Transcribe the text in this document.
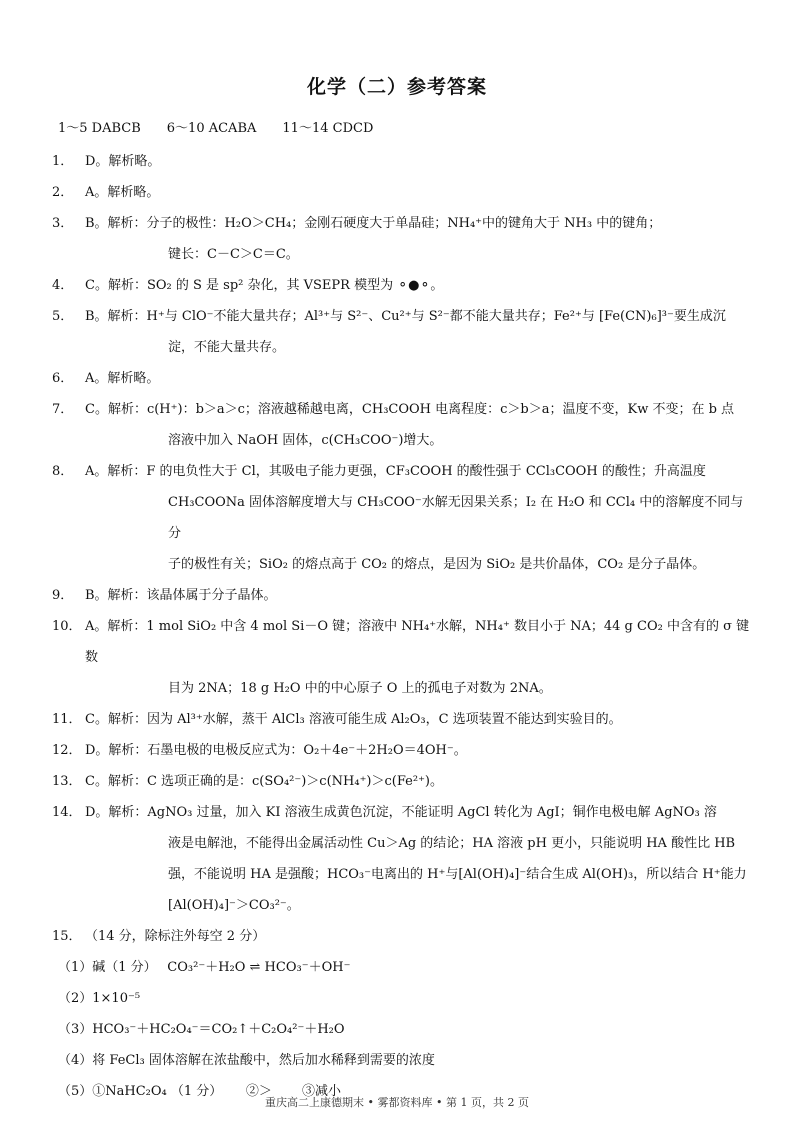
化学（二）参考答案
1～5 DABCB 6～10 ACABA 11～14 CDCD
1． D。解析略。
2． A。解析略。
3． B。解析：分子的极性：H₂O＞CH₄；金刚石硬度大于单晶硅；NH₄⁺中的键角大于 NH₃ 中的键角；
键长：C－C＞C＝C。
4． C。解析：SO₂ 的 S 是 sp² 杂化，其 VSEPR 模型为 ⚬●⚬。
5． B。解析：H⁺与 ClO⁻不能大量共存；Al³⁺与 S²⁻、Cu²⁺与 S²⁻都不能大量共存；Fe²⁺与 [Fe(CN)₆]³⁻要生成沉
淀，不能大量共存。
6． A。解析略。
7． C。解析：c(H⁺)：b＞a＞c；溶液越稀越电离，CH₃COOH 电离程度：c＞b＞a；温度不变，Kw 不变；在 b 点
溶液中加入 NaOH 固体，c(CH₃COO⁻)增大。
8． A。解析：F 的电负性大于 Cl，其吸电子能力更强，CF₃COOH 的酸性强于 CCl₃COOH 的酸性；升高温度
CH₃COONa 固体溶解度增大与 CH₃COO⁻水解无因果关系；I₂ 在 H₂O 和 CCl₄ 中的溶解度不同与分
子的极性有关；SiO₂ 的熔点高于 CO₂ 的熔点，是因为 SiO₂ 是共价晶体，CO₂ 是分子晶体。
9． B。解析：该晶体属于分子晶体。
10． A。解析：1 mol SiO₂ 中含 4 mol Si－O 键；溶液中 NH₄⁺水解，NH₄⁺ 数目小于 NA；44 g CO₂ 中含有的 σ 键数
目为 2NA；18 g H₂O 中的中心原子 O 上的孤电子对数为 2NA。
11． C。解析：因为 Al³⁺水解，蒸干 AlCl₃ 溶液可能生成 Al₂O₃，C 选项装置不能达到实验目的。
12． D。解析：石墨电极的电极反应式为：O₂＋4e⁻＋2H₂O＝4OH⁻。
13． C。解析：C 选项正确的是：c(SO₄²⁻)＞c(NH₄⁺)＞c(Fe²⁺)。
14． D。解析：AgNO₃ 过量，加入 KI 溶液生成黄色沉淀，不能证明 AgCl 转化为 AgI；铜作电极电解 AgNO₃ 溶
液是电解池，不能得出金属活动性 Cu＞Ag 的结论；HA 溶液 pH 更小，只能说明 HA 酸性比 HB
强，不能说明 HA 是强酸；HCO₃⁻电离出的 H⁺与[Al(OH)₄]⁻结合生成 Al(OH)₃，所以结合 H⁺能力
[Al(OH)₄]⁻＞CO₃²⁻。
15． （14 分，除标注外每空 2 分）
（1）碱（1 分）　 CO₃²⁻＋H₂O ⇌ HCO₃⁻＋OH⁻
（2）1×10⁻⁵
（3）HCO₃⁻＋HC₂O₄⁻＝CO₂↑＋C₂O₄²⁻＋H₂O
（4）将 FeCl₃ 固体溶解在浓盐酸中，然后加水稀释到需要的浓度
（5）①NaHC₂O₄ （1 分）　　 ②＞　　 ③减小
重庆高二上康德期末 • 雾都资料库 • 第 1 页，共 2 页
